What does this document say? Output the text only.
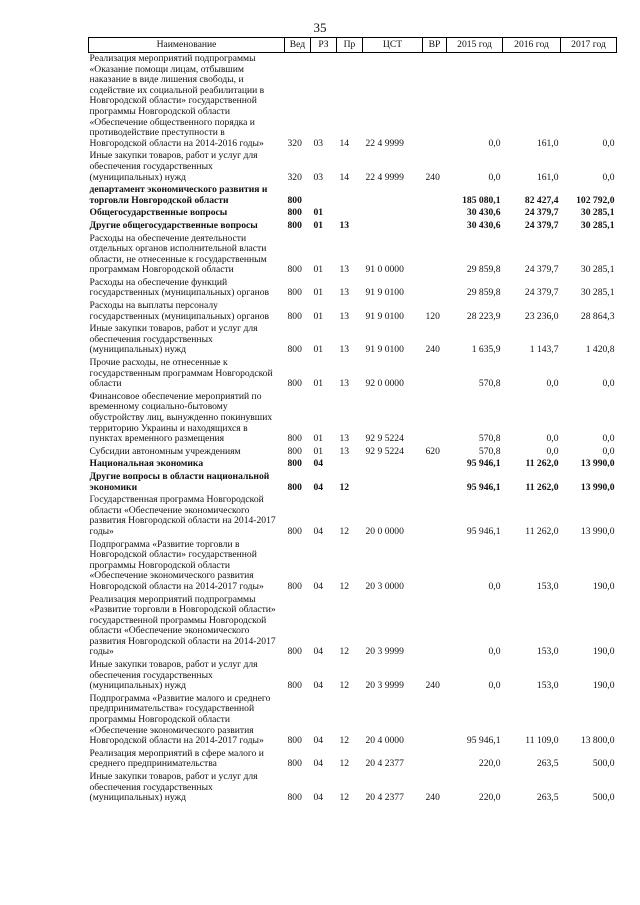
35
Наименование	Вед	РЗ	Пр	ЦСТ	ВР	2015 год	2016 год	2017 год
Реализация мероприятий подпрограммы «Оказание помощи лицам, отбывшим наказание в виде лишения свободы, и содействие их социальной реабилитации в Новгородской области» государственной программы Новгородской области «Обеспечение общественного порядка и противодействие преступности в Новгородской области на 2014-2016 годы»	320	03	14	22 4 9999		0,0	161,0	0,0
Иные закупки товаров, работ и услуг для обеспечения государственных (муниципальных) нужд	320	03	14	22 4 9999	240	0,0	161,0	0,0
департамент экономического развития и торговли Новгородской области	800					185 080,1	82 427,4	102 792,0
Общегосударственные вопросы	800	01				30 430,6	24 379,7	30 285,1
Другие общегосударственные вопросы	800	01	13			30 430,6	24 379,7	30 285,1
Расходы на обеспечение деятельности отдельных органов исполнительной власти области, не отнесенные к государственным программам Новгородской области	800	01	13	91 0 0000		29 859,8	24 379,7	30 285,1
Расходы на обеспечение функций государственных (муниципальных) органов	800	01	13	91 9 0100		29 859,8	24 379,7	30 285,1
Расходы на выплаты персоналу государственных (муниципальных) органов	800	01	13	91 9 0100	120	28 223,9	23 236,0	28 864,3
Иные закупки товаров, работ и услуг для обеспечения государственных (муниципальных) нужд	800	01	13	91 9 0100	240	1 635,9	1 143,7	1 420,8
Прочие расходы, не отнесенные к государственным программам Новгородской области	800	01	13	92 0 0000		570,8	0,0	0,0
Финансовое обеспечение мероприятий по временному социально-бытовому обустройству лиц, вынужденно покинувших территорию Украины и находящихся в пунктах временного размещения	800	01	13	92 9 5224		570,8	0,0	0,0
Субсидии автономным учреждениям	800	01	13	92 9 5224	620	570,8	0,0	0,0
Национальная экономика	800	04				95 946,1	11 262,0	13 990,0
Другие вопросы в области национальной экономики	800	04	12			95 946,1	11 262,0	13 990,0
Государственная программа Новгородской области «Обеспечение экономического развития Новгородской области на 2014-2017 годы»	800	04	12	20 0 0000		95 946,1	11 262,0	13 990,0
Подпрограмма «Развитие торговли в Новгородской области» государственной программы Новгородской области «Обеспечение экономического развития Новгородской области на 2014-2017 годы»	800	04	12	20 3 0000		0,0	153,0	190,0
Реализация мероприятий подпрограммы «Развитие торговли в Новгородской области» государственной программы Новгородской области «Обеспечение экономического развития Новгородской области на 2014-2017 годы»	800	04	12	20 3 9999		0,0	153,0	190,0
Иные закупки товаров, работ и услуг для обеспечения государственных (муниципальных) нужд	800	04	12	20 3 9999	240	0,0	153,0	190,0
Подпрограмма «Развитие малого и среднего предпринимательства» государственной программы Новгородской области «Обеспечение экономического развития Новгородской области на 2014-2017 годы»	800	04	12	20 4 0000		95 946,1	11 109,0	13 800,0
Реализация мероприятий в сфере малого и среднего предпринимательства	800	04	12	20 4 2377		220,0	263,5	500,0
Иные закупки товаров, работ и услуг для обеспечения государственных (муниципальных) нужд	800	04	12	20 4 2377	240	220,0	263,5	500,0
